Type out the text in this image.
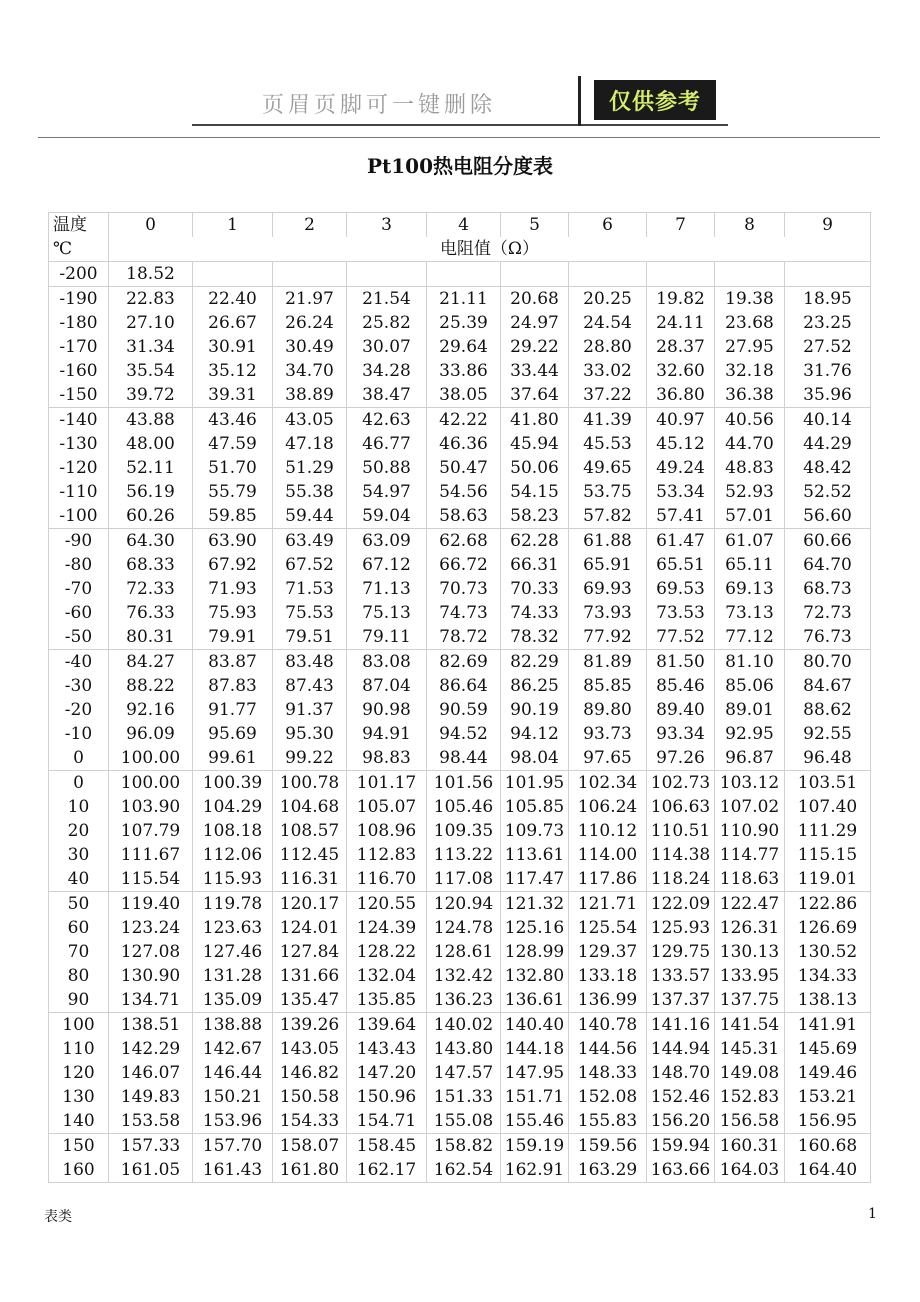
页眉页脚可一键删除	仅供参考
Pt100热电阻分度表
温度	0	1	2	3	4	5	6	7	8	9
℃	电阻值（Ω）									
-200	18.52									
-190	22.83	22.40	21.97	21.54	21.11	20.68	20.25	19.82	19.38	18.95
-180	27.10	26.67	26.24	25.82	25.39	24.97	24.54	24.11	23.68	23.25
-170	31.34	30.91	30.49	30.07	29.64	29.22	28.80	28.37	27.95	27.52
-160	35.54	35.12	34.70	34.28	33.86	33.44	33.02	32.60	32.18	31.76
-150	39.72	39.31	38.89	38.47	38.05	37.64	37.22	36.80	36.38	35.96
-140	43.88	43.46	43.05	42.63	42.22	41.80	41.39	40.97	40.56	40.14
-130	48.00	47.59	47.18	46.77	46.36	45.94	45.53	45.12	44.70	44.29
-120	52.11	51.70	51.29	50.88	50.47	50.06	49.65	49.24	48.83	48.42
-110	56.19	55.79	55.38	54.97	54.56	54.15	53.75	53.34	52.93	52.52
-100	60.26	59.85	59.44	59.04	58.63	58.23	57.82	57.41	57.01	56.60
-90	64.30	63.90	63.49	63.09	62.68	62.28	61.88	61.47	61.07	60.66
-80	68.33	67.92	67.52	67.12	66.72	66.31	65.91	65.51	65.11	64.70
-70	72.33	71.93	71.53	71.13	70.73	70.33	69.93	69.53	69.13	68.73
-60	76.33	75.93	75.53	75.13	74.73	74.33	73.93	73.53	73.13	72.73
-50	80.31	79.91	79.51	79.11	78.72	78.32	77.92	77.52	77.12	76.73
-40	84.27	83.87	83.48	83.08	82.69	82.29	81.89	81.50	81.10	80.70
-30	88.22	87.83	87.43	87.04	86.64	86.25	85.85	85.46	85.06	84.67
-20	92.16	91.77	91.37	90.98	90.59	90.19	89.80	89.40	89.01	88.62
-10	96.09	95.69	95.30	94.91	94.52	94.12	93.73	93.34	92.95	92.55
0	100.00	99.61	99.22	98.83	98.44	98.04	97.65	97.26	96.87	96.48
0	100.00	100.39	100.78	101.17	101.56	101.95	102.34	102.73	103.12	103.51
10	103.90	104.29	104.68	105.07	105.46	105.85	106.24	106.63	107.02	107.40
20	107.79	108.18	108.57	108.96	109.35	109.73	110.12	110.51	110.90	111.29
30	111.67	112.06	112.45	112.83	113.22	113.61	114.00	114.38	114.77	115.15
40	115.54	115.93	116.31	116.70	117.08	117.47	117.86	118.24	118.63	119.01
50	119.40	119.78	120.17	120.55	120.94	121.32	121.71	122.09	122.47	122.86
60	123.24	123.63	124.01	124.39	124.78	125.16	125.54	125.93	126.31	126.69
70	127.08	127.46	127.84	128.22	128.61	128.99	129.37	129.75	130.13	130.52
80	130.90	131.28	131.66	132.04	132.42	132.80	133.18	133.57	133.95	134.33
90	134.71	135.09	135.47	135.85	136.23	136.61	136.99	137.37	137.75	138.13
100	138.51	138.88	139.26	139.64	140.02	140.40	140.78	141.16	141.54	141.91
110	142.29	142.67	143.05	143.43	143.80	144.18	144.56	144.94	145.31	145.69
120	146.07	146.44	146.82	147.20	147.57	147.95	148.33	148.70	149.08	149.46
130	149.83	150.21	150.58	150.96	151.33	151.71	152.08	152.46	152.83	153.21
140	153.58	153.96	154.33	154.71	155.08	155.46	155.83	156.20	156.58	156.95
150	157.33	157.70	158.07	158.45	158.82	159.19	159.56	159.94	160.31	160.68
160	161.05	161.43	161.80	162.17	162.54	162.91	163.29	163.66	164.03	164.40
表类	1
